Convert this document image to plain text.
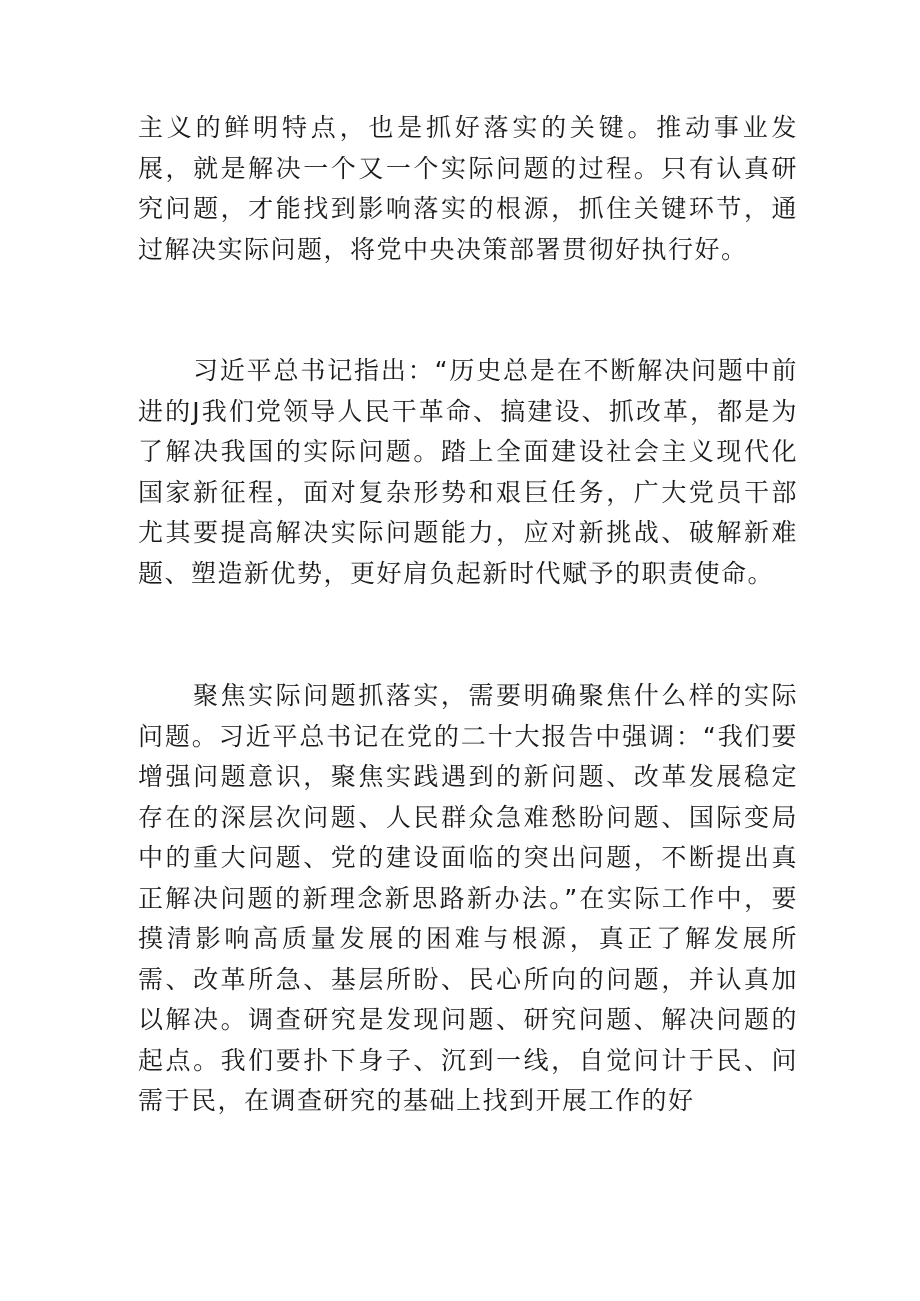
主义的鲜明特点，也是抓好落实的关键。推动事业发展，就是解决一个又一个实际问题的过程。只有认真研究问题，才能找到影响落实的根源，抓住关键环节，通过解决实际问题，将党中央决策部署贯彻好执行好。

习近平总书记指出：“历史总是在不断解决问题中前进的J我们党领导人民干革命、搞建设、抓改革，都是为了解决我国的实际问题。踏上全面建设社会主义现代化国家新征程，面对复杂形势和艰巨任务，广大党员干部尤其要提高解决实际问题能力，应对新挑战、破解新难题、塑造新优势，更好肩负起新时代赋予的职责使命。

聚焦实际问题抓落实，需要明确聚焦什么样的实际问题。习近平总书记在党的二十大报告中强调：“我们要增强问题意识，聚焦实践遇到的新问题、改革发展稳定存在的深层次问题、人民群众急难愁盼问题、国际变局中的重大问题、党的建设面临的突出问题，不断提出真正解决问题的新理念新思路新办法。”在实际工作中，要摸清影响高质量发展的困难与根源，真正了解发展所需、改革所急、基层所盼、民心所向的问题，并认真加以解决。调查研究是发现问题、研究问题、解决问题的起点。我们要扑下身子、沉到一线，自觉问计于民、问需于民，在调查研究的基础上找到开展工作的好
